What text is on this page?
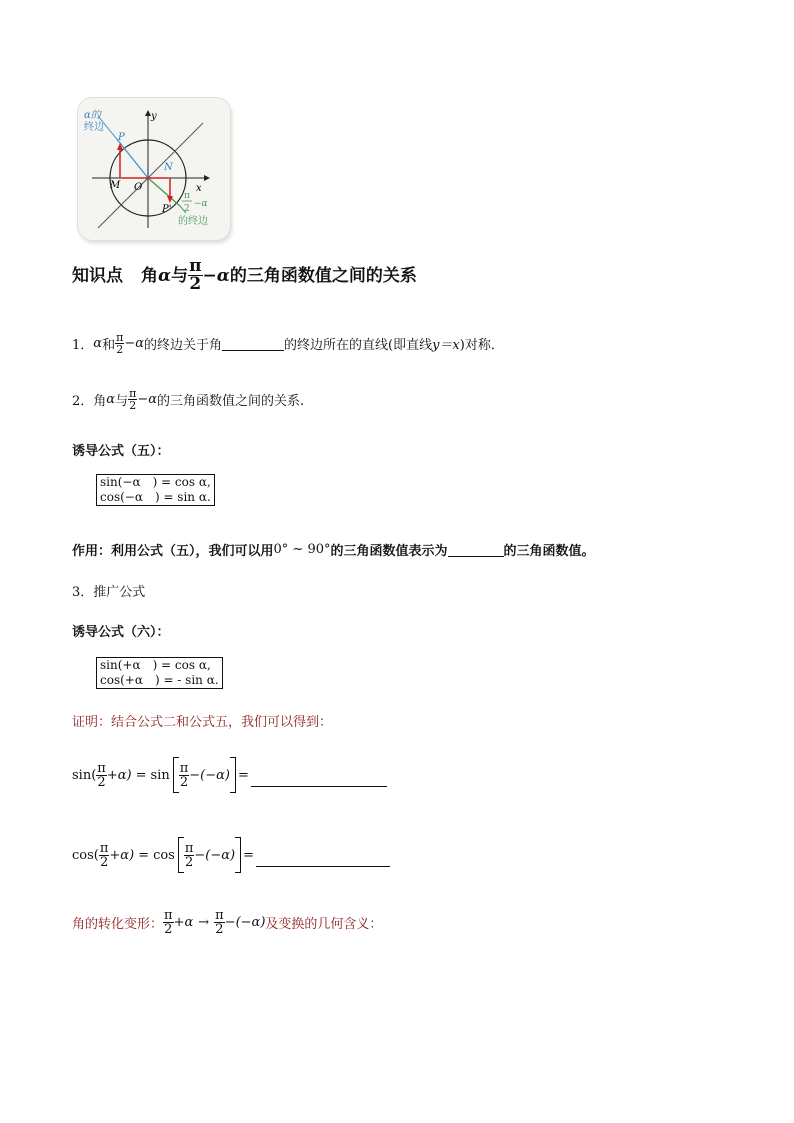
α的
终边
y
x
O
P
M
N
P'
π
2 −α
的终边
知识点 角 α 与 $\frac{\pi}{2} -\alpha$ 的三角函数值之间的关系
1． α 和 $\frac{\pi}{2} -\alpha$ 的终边关于角	的终边所在的直线(即直线 y＝x )对称．
2． 角 α 与 $\frac{\pi}{2} -\alpha$ 的三角函数值之间的关系.
诱导公式（五）：
sin(−α　) = cos α,
cos(−α　) = sin α.
作用：利用公式（五），我们可以用 0° ~ 90° 的三角函数值表示为	的三角函数值。
3．推广公式
诱导公式（六）：
sin(+α　) = cos α,
cos(+α　) = - sin α.
证明：结合公式二和公式五，我们可以得到：
$\sin( \frac{\pi}{2} +\alpha) = \sin \frac{\pi}{2} -(-\alpha)$ =
$\cos( \frac{\pi}{2} +\alpha) = \cos \frac{\pi}{2} -(-\alpha)$ =
角的转化变形： $\frac{\pi}{2} +\alpha \to \frac{\pi}{2} -(-\alpha)$ 及变换的几何含义：
